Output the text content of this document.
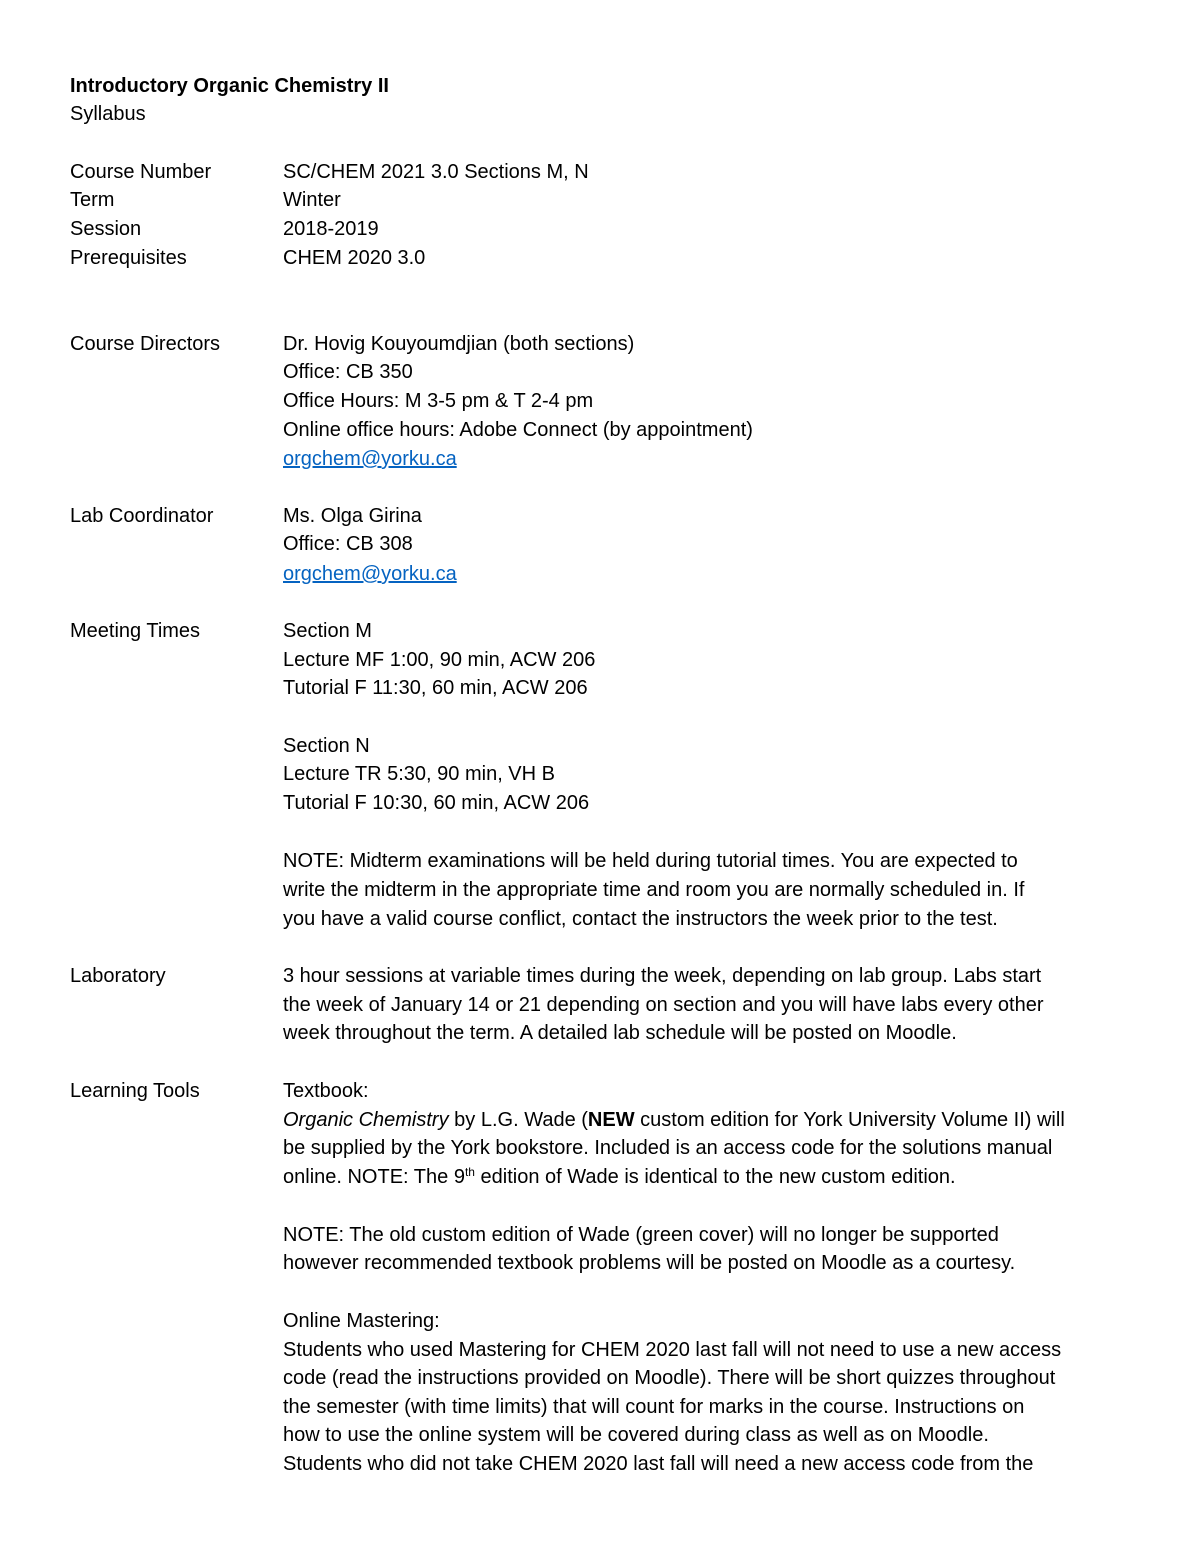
Introductory Organic Chemistry II
Syllabus
Course Number	SC/CHEM 2021 3.0 Sections M, N
Term	Winter
Session	2018-2019
Prerequisites	CHEM 2020 3.0
Course Directors	Dr. Hovig Kouyoumdjian (both sections)
Office: CB 350
Office Hours: M 3-5 pm & T 2-4 pm
Online office hours: Adobe Connect (by appointment)
orgchem@yorku.ca
Lab Coordinator	Ms. Olga Girina
Office: CB 308
orgchem@yorku.ca
Meeting Times	Section M
Lecture MF 1:00, 90 min, ACW 206
Tutorial F 11:30, 60 min, ACW 206
Section N
Lecture TR 5:30, 90 min, VH B
Tutorial F 10:30, 60 min, ACW 206
NOTE: Midterm examinations will be held during tutorial times. You are expected to
write the midterm in the appropriate time and room you are normally scheduled in. If
you have a valid course conflict, contact the instructors the week prior to the test.
Laboratory	3 hour sessions at variable times during the week, depending on lab group. Labs start
the week of January 14 or 21 depending on section and you will have labs every other
week throughout the term. A detailed lab schedule will be posted on Moodle.
Learning Tools	Textbook:
Organic Chemistry by L.G. Wade (NEW custom edition for York University Volume II) will
be supplied by the York bookstore. Included is an access code for the solutions manual
online. NOTE: The 9th edition of Wade is identical to the new custom edition.
NOTE: The old custom edition of Wade (green cover) will no longer be supported
however recommended textbook problems will be posted on Moodle as a courtesy.
Online Mastering:
Students who used Mastering for CHEM 2020 last fall will not need to use a new access
code (read the instructions provided on Moodle). There will be short quizzes throughout
the semester (with time limits) that will count for marks in the course. Instructions on
how to use the online system will be covered during class as well as on Moodle.
Students who did not take CHEM 2020 last fall will need a new access code from the
